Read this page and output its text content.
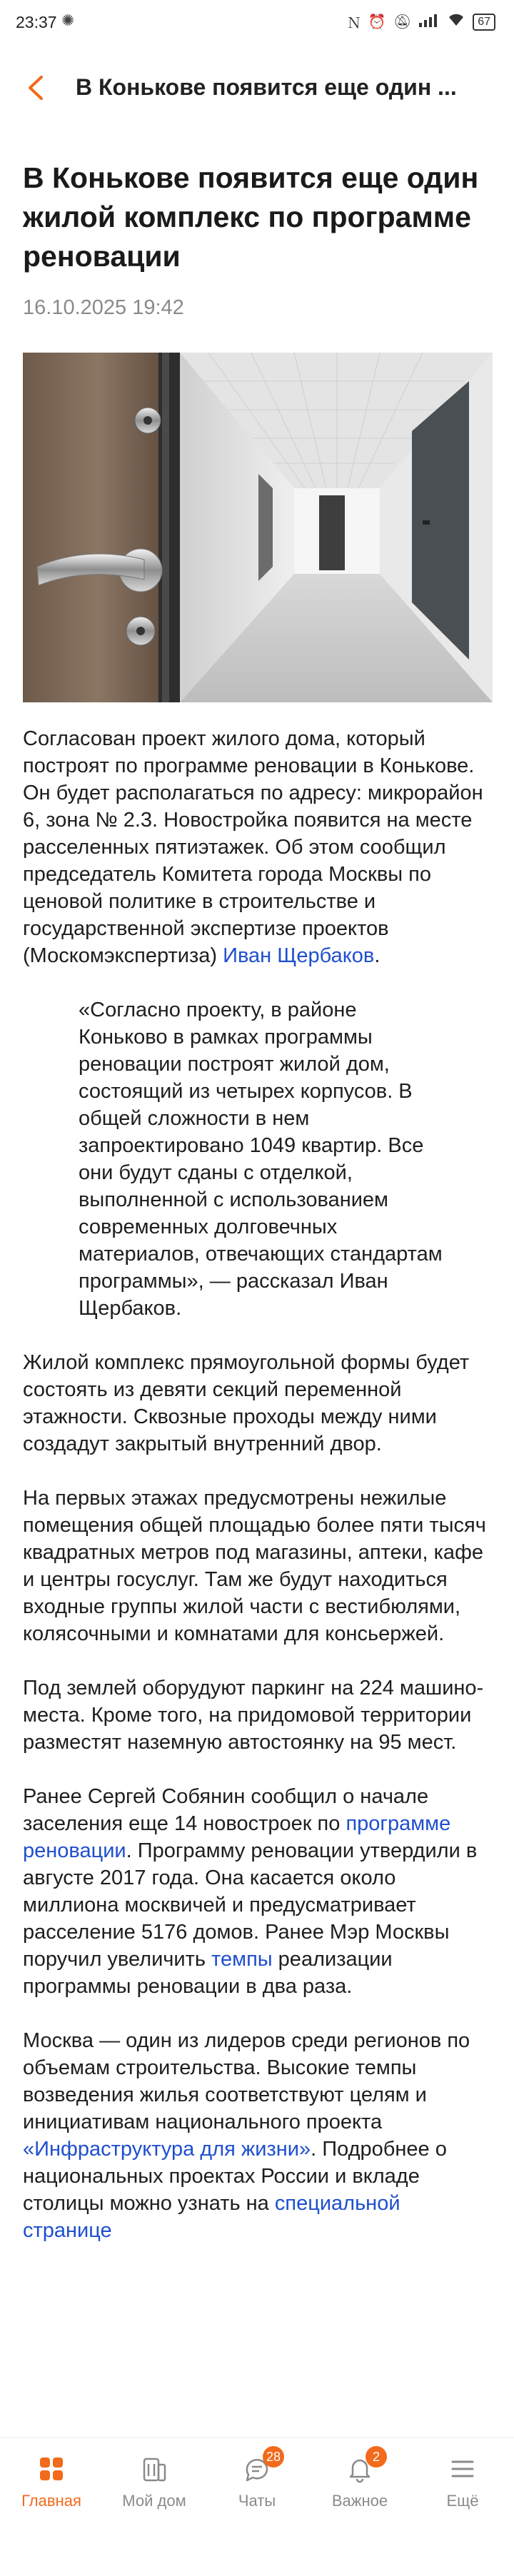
23:37 ✺	Ｎ ⏰ 🔕︎	67
В Конькове появится еще один ...
В Конькове появится еще один жилой комплекс по программе реновации
16.10.2025 19:42

Согласован проект жилого дома, который построят по программе реновации в Конькове. Он будет располагаться по адресу: микрорайон 6, зона № 2.3. Новостройка появится на месте расселенных пятиэтажек. Об этом сообщил председатель Комитета города Москвы по ценовой политике в строительстве и государственной экспертизе проектов (Москомэкспертиза) Иван Щербаков.

«Согласно проекту, в районе Коньково в рамках программы реновации построят жилой дом, состоящий из четырех корпусов. В общей сложности в нем запроектировано 1049 квартир. Все они будут сданы с отделкой, выполненной с использованием современных долговечных материалов, отвечающих стандартам программы», — рассказал Иван Щербаков.

Жилой комплекс прямоугольной формы будет состоять из девяти секций переменной этажности. Сквозные проходы между ними создадут закрытый внутренний двор.

На первых этажах предусмотрены нежилые помещения общей площадью более пяти тысяч квадратных метров под магазины, аптеки, кафе и центры госуслуг. Там же будут находиться входные группы жилой части с вестибюлями, колясочными и комнатами для консьержей.

Под землей оборудуют паркинг на 224 машино-места. Кроме того, на придомовой территории разместят наземную автостоянку на 95 мест.

Ранее Сергей Собянин сообщил о начале заселения еще 14 новостроек по программе реновации. Программу реновации утвердили в августе 2017 года. Она касается около миллиона москвичей и предусматривает расселение 5176 домов. Ранее Мэр Москвы поручил увеличить темпы реализации программы реновации в два раза.

Москва — один из лидеров среди регионов по объемам строительства. Высокие темпы возведения жилья соответствуют целям и инициативам национального проекта «Инфраструктура для жизни». Подробнее о национальных проектах России и вкладе столицы можно узнать на специальной странице

Главная	Мой дом
28
Чаты
2
Важное	Ещё
